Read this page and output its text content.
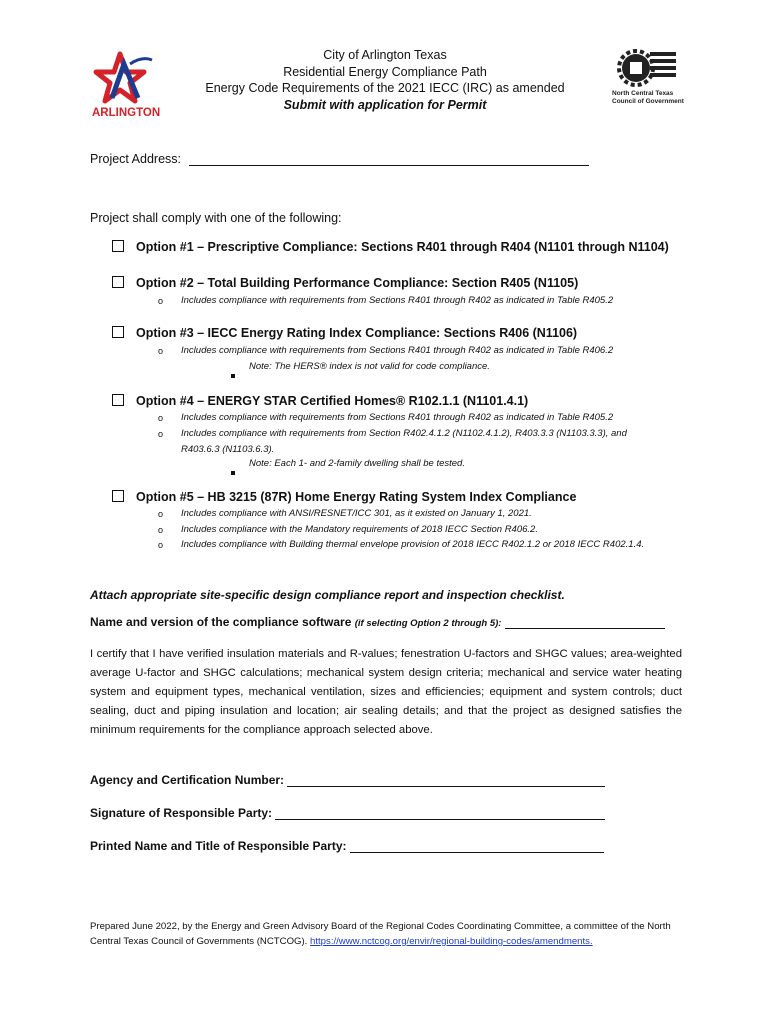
ARLINGTON
North Central Texas
Council of Governments
City of Arlington Texas
Residential Energy Compliance Path
Energy Code Requirements of the 2021 IECC (IRC) as amended
Submit with application for Permit
Project Address:
Project shall comply with one of the following:
Option #1 – Prescriptive Compliance: Sections R401 through R404 (N1101 through N1104)
Option #2 – Total Building Performance Compliance: Section R405 (N1105)
o Includes compliance with requirements from Sections R401 through R402 as indicated in Table R405.2
Option #3 – IECC Energy Rating Index Compliance: Sections R406 (N1106)
o Includes compliance with requirements from Sections R401 through R402 as indicated in Table R406.2
Note: The HERS® index is not valid for code compliance.
Option #4 – ENERGY STAR Certified Homes® R102.1.1 (N1101.4.1)
o Includes compliance with requirements from Sections R401 through R402 as indicated in Table R405.2
o Includes compliance with requirements from Section R402.4.1.2 (N1102.4.1.2), R403.3.3 (N1103.3.3), and
R403.6.3 (N1103.6.3).
Note: Each 1- and 2-family dwelling shall be tested.
Option #5 – HB 3215 (87R) Home Energy Rating System Index Compliance
o Includes compliance with ANSI/RESNET/ICC 301, as it existed on January 1, 2021.
o Includes compliance with the Mandatory requirements of 2018 IECC Section R406.2.
o Includes compliance with Building thermal envelope provision of 2018 IECC R402.1.2 or 2018 IECC R402.1.4.
Attach appropriate site-specific design compliance report and inspection checklist.
Name and version of the compliance software (if selecting Option 2 through 5):
I certify that I have verified insulation materials and R-values; fenestration U-factors and SHGC values; area-weighted average U-factor and SHGC calculations; mechanical system design criteria; mechanical and service water heating system and equipment types, mechanical ventilation, sizes and efficiencies; equipment and system controls; duct sealing, duct and piping insulation and location; air sealing details; and that the project as designed satisfies the minimum requirements for the compliance approach selected above.
Agency and Certification Number:
Signature of Responsible Party:
Printed Name and Title of Responsible Party:
Prepared June 2022, by the Energy and Green Advisory Board of the Regional Codes Coordinating Committee, a committee of the North Central Texas Council of Governments (NCTCOG). https://www.nctcog.org/envir/regional-building-codes/amendments.
